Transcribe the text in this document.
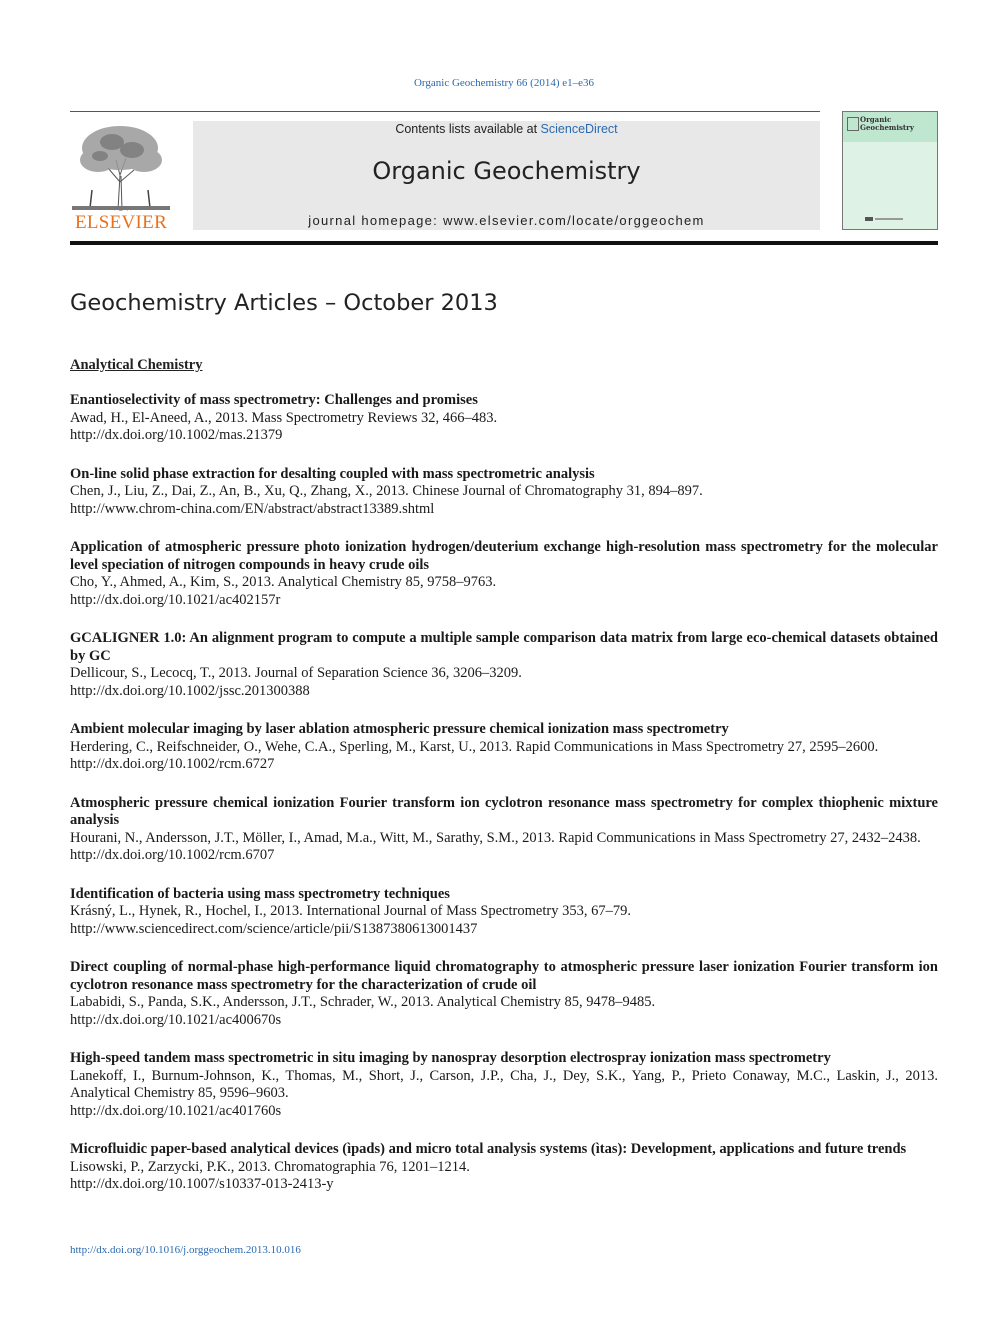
Organic Geochemistry 66 (2014) e1–e36
ELSEVIER
Contents lists available at ScienceDirect
Organic Geochemistry
journal homepage: www.elsevier.com/locate/orggeochem
Organic
Geochemistry
Geochemistry Articles – October 2013
Analytical Chemistry
Enantioselectivity of mass spectrometry: Challenges and promises
Awad, H., El-Aneed, A., 2013. Mass Spectrometry Reviews 32, 466–483.
http://dx.doi.org/10.1002/mas.21379
On-line solid phase extraction for desalting coupled with mass spectrometric analysis
Chen, J., Liu, Z., Dai, Z., An, B., Xu, Q., Zhang, X., 2013. Chinese Journal of Chromatography 31, 894–897.
http://www.chrom-china.com/EN/abstract/abstract13389.shtml
Application of atmospheric pressure photo ionization hydrogen/deuterium exchange high-resolution mass spectrometry for the molecular level speciation of nitrogen compounds in heavy crude oils
Cho, Y., Ahmed, A., Kim, S., 2013. Analytical Chemistry 85, 9758–9763.
http://dx.doi.org/10.1021/ac402157r
GCALIGNER 1.0: An alignment program to compute a multiple sample comparison data matrix from large eco-chemical datasets obtained by GC
Dellicour, S., Lecocq, T., 2013. Journal of Separation Science 36, 3206–3209.
http://dx.doi.org/10.1002/jssc.201300388
Ambient molecular imaging by laser ablation atmospheric pressure chemical ionization mass spectrometry
Herdering, C., Reifschneider, O., Wehe, C.A., Sperling, M., Karst, U., 2013. Rapid Communications in Mass Spectrometry 27, 2595–2600.
http://dx.doi.org/10.1002/rcm.6727
Atmospheric pressure chemical ionization Fourier transform ion cyclotron resonance mass spectrometry for complex thiophenic mixture analysis
Hourani, N., Andersson, J.T., Möller, I., Amad, M.a., Witt, M., Sarathy, S.M., 2013. Rapid Communications in Mass Spectrometry 27, 2432–2438.
http://dx.doi.org/10.1002/rcm.6707
Identification of bacteria using mass spectrometry techniques
Krásný, L., Hynek, R., Hochel, I., 2013. International Journal of Mass Spectrometry 353, 67–79.
http://www.sciencedirect.com/science/article/pii/S1387380613001437
Direct coupling of normal-phase high-performance liquid chromatography to atmospheric pressure laser ionization Fourier transform ion cyclotron resonance mass spectrometry for the characterization of crude oil
Lababidi, S., Panda, S.K., Andersson, J.T., Schrader, W., 2013. Analytical Chemistry 85, 9478–9485.
http://dx.doi.org/10.1021/ac400670s
High-speed tandem mass spectrometric in situ imaging by nanospray desorption electrospray ionization mass spectrometry
Lanekoff, I., Burnum-Johnson, K., Thomas, M., Short, J., Carson, J.P., Cha, J., Dey, S.K., Yang, P., Prieto Conaway, M.C., Laskin, J., 2013. Analytical Chemistry 85, 9596–9603.
http://dx.doi.org/10.1021/ac401760s
Microfluidic paper-based analytical devices (ìpads) and micro total analysis systems (ìtas): Development, applications and future trends
Lisowski, P., Zarzycki, P.K., 2013. Chromatographia 76, 1201–1214.
http://dx.doi.org/10.1007/s10337-013-2413-y
http://dx.doi.org/10.1016/j.orggeochem.2013.10.016
